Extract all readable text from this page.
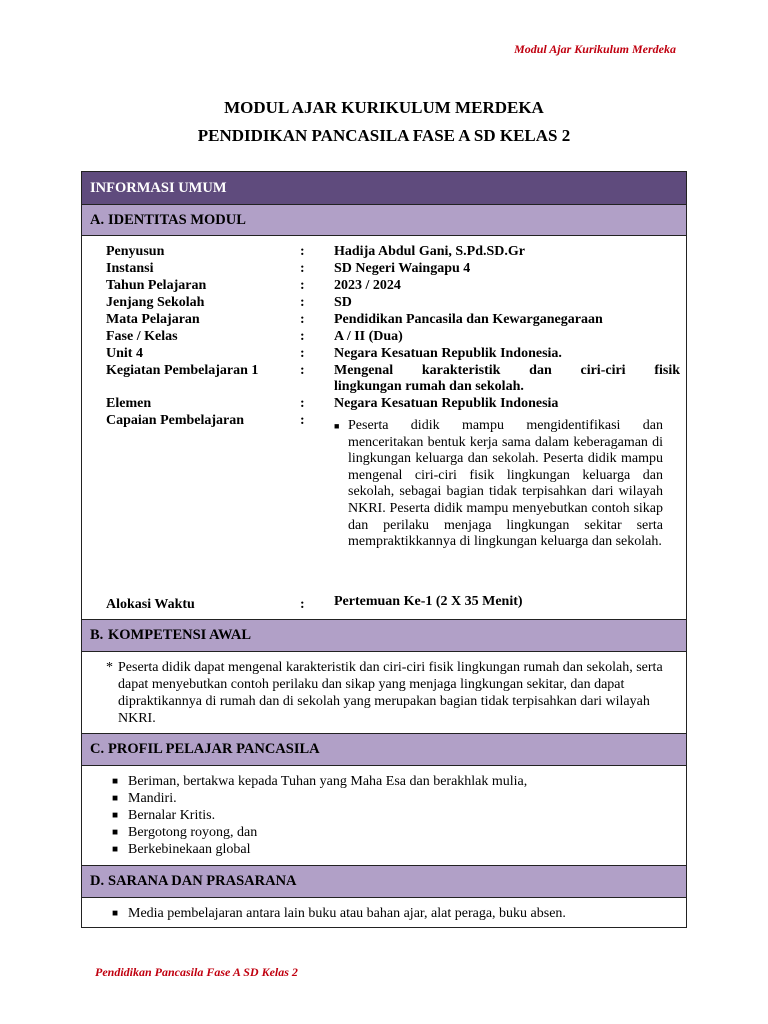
Modul Ajar Kurikulum Merdeka
MODUL AJAR KURIKULUM MERDEKA
PENDIDIKAN PANCASILA FASE A SD KELAS 2
INFORMASI UMUM
A. IDENTITAS MODUL
B. KOMPETENSI AWAL
C. PROFIL PELAJAR PANCASILA
D. SARANA DAN PRASARANA
Penyusun	: Hadija Abdul Gani, S.Pd.SD.Gr
Instansi	: SD Negeri Waingapu 4
Tahun Pelajaran	: 2023 / 2024
Jenjang Sekolah	: SD
Mata Pelajaran	: Pendidikan Pancasila dan Kewarganegaraan
Fase / Kelas	: A / II (Dua)
Unit 4	: Negara Kesatuan Republik Indonesia.
Kegiatan Pembelajaran 1	: Mengenal karakteristik dan ciri-ciri fisik
lingkungan rumah dan sekolah.
Elemen	: Negara Kesatuan Republik Indonesia
Capaian Pembelajaran	:	■ Peserta didik mampu mengidentifikasi dan menceritakan bentuk kerja sama dalam keberagaman di lingkungan keluarga dan sekolah. Peserta didik mampu mengenal ciri-ciri fisik lingkungan keluarga dan sekolah, sebagai bagian tidak terpisahkan dari wilayah NKRI. Peserta didik mampu menyebutkan contoh sikap dan perilaku menjaga lingkungan sekitar serta mempraktikkannya di lingkungan keluarga dan sekolah.
Alokasi Waktu	: Pertemuan Ke-1 (2 X 35 Menit)
* Peserta didik dapat mengenal karakteristik dan ciri-ciri fisik lingkungan rumah dan sekolah, serta dapat menyebutkan contoh perilaku dan sikap yang menjaga lingkungan sekitar, dan dapat dipraktikannya di rumah dan di sekolah yang merupakan bagian tidak terpisahkan dari wilayah NKRI.
■ Beriman, bertakwa kepada Tuhan yang Maha Esa dan berakhlak mulia,
■ Mandiri.
■ Bernalar Kritis.
■ Bergotong royong, dan
■ Berkebinekaan global
■ Media pembelajaran antara lain buku atau bahan ajar, alat peraga, buku absen.
Pendidikan Pancasila Fase A SD Kelas 2
